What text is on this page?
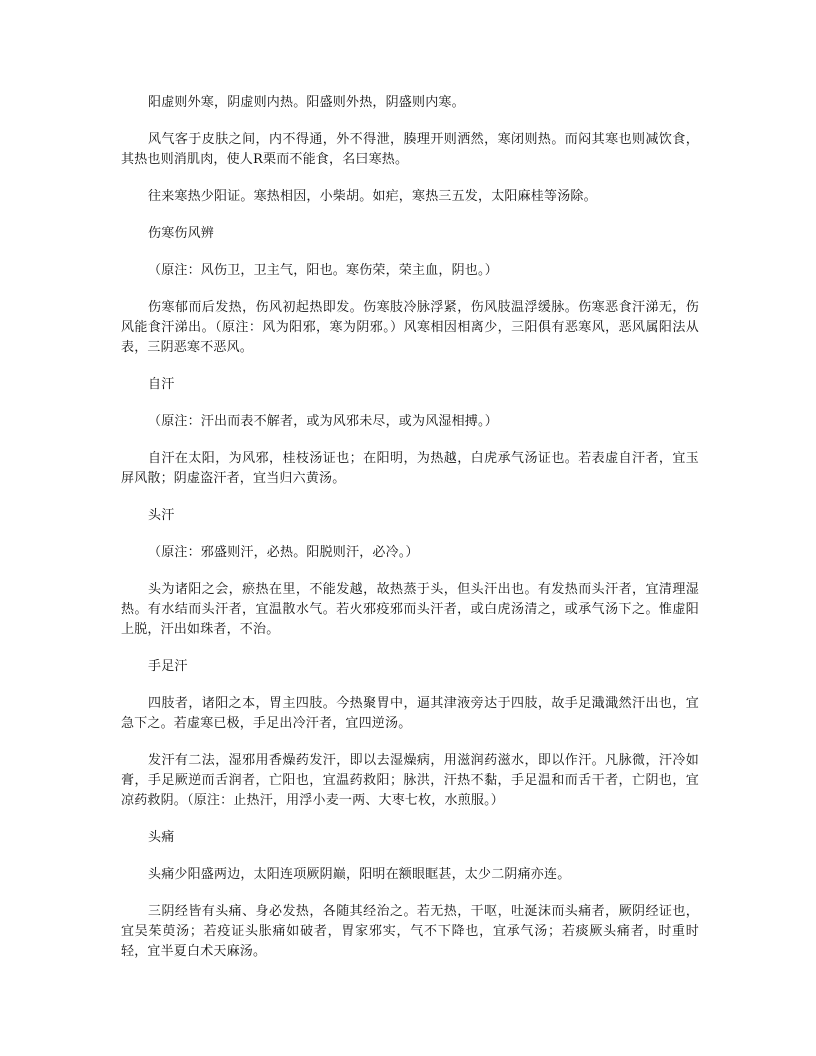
阳虚则外寒，阴虚则内热。阳盛则外热，阴盛则内寒。

风气客于皮肤之间，内不得通，外不得泄，腠理开则洒然，寒闭则热。而闷其寒也则减饮食，其热也则消肌肉，使人R栗而不能食，名曰寒热。

往来寒热少阳证。寒热相因，小柴胡。如疟，寒热三五发，太阳麻桂等汤除。

伤寒伤风辨

（原注：风伤卫，卫主气，阳也。寒伤荣，荣主血，阴也。）

伤寒郁而后发热，伤风初起热即发。伤寒肢冷脉浮紧，伤风肢温浮缓脉。伤寒恶食汗涕无，伤风能食汗涕出。（原注：风为阳邪，寒为阴邪。）风寒相因相离少，三阳俱有恶寒风，恶风属阳法从表，三阴恶寒不恶风。

自汗

（原注：汗出而表不解者，或为风邪未尽，或为风湿相搏。）

自汗在太阳，为风邪，桂枝汤证也；在阳明，为热越，白虎承气汤证也。若表虚自汗者，宜玉屏风散；阴虚盗汗者，宜当归六黄汤。

头汗

（原注：邪盛则汗，必热。阳脱则汗，必冷。）

头为诸阳之会，瘀热在里，不能发越，故热蒸于头，但头汗出也。有发热而头汗者，宜清理湿热。有水结而头汗者，宜温散水气。若火邪疫邪而头汗者，或白虎汤清之，或承气汤下之。惟虚阳上脱，汗出如珠者，不治。

手足汗

四肢者，诸阳之本，胃主四肢。今热聚胃中，逼其津液旁达于四肢，故手足濈濈然汗出也，宜急下之。若虚寒已极，手足出冷汗者，宜四逆汤。

发汗有二法，湿邪用香燥药发汗，即以去湿燥病，用滋润药滋水，即以作汗。凡脉微，汗冷如膏，手足厥逆而舌润者，亡阳也，宜温药救阳；脉洪，汗热不黏，手足温和而舌干者，亡阴也，宜凉药救阴。（原注：止热汗，用浮小麦一两、大枣七枚，水煎服。）

头痛

头痛少阳盛两边，太阳连项厥阴巅，阳明在额眼眶甚，太少二阴痛亦连。

三阴经皆有头痛、身必发热，各随其经治之。若无热，干呕，吐涎沫而头痛者，厥阴经证也，宜吴茱萸汤；若疫证头胀痛如破者，胃家邪实，气不下降也，宜承气汤；若痰厥头痛者，时重时轻，宜半夏白术天麻汤。
